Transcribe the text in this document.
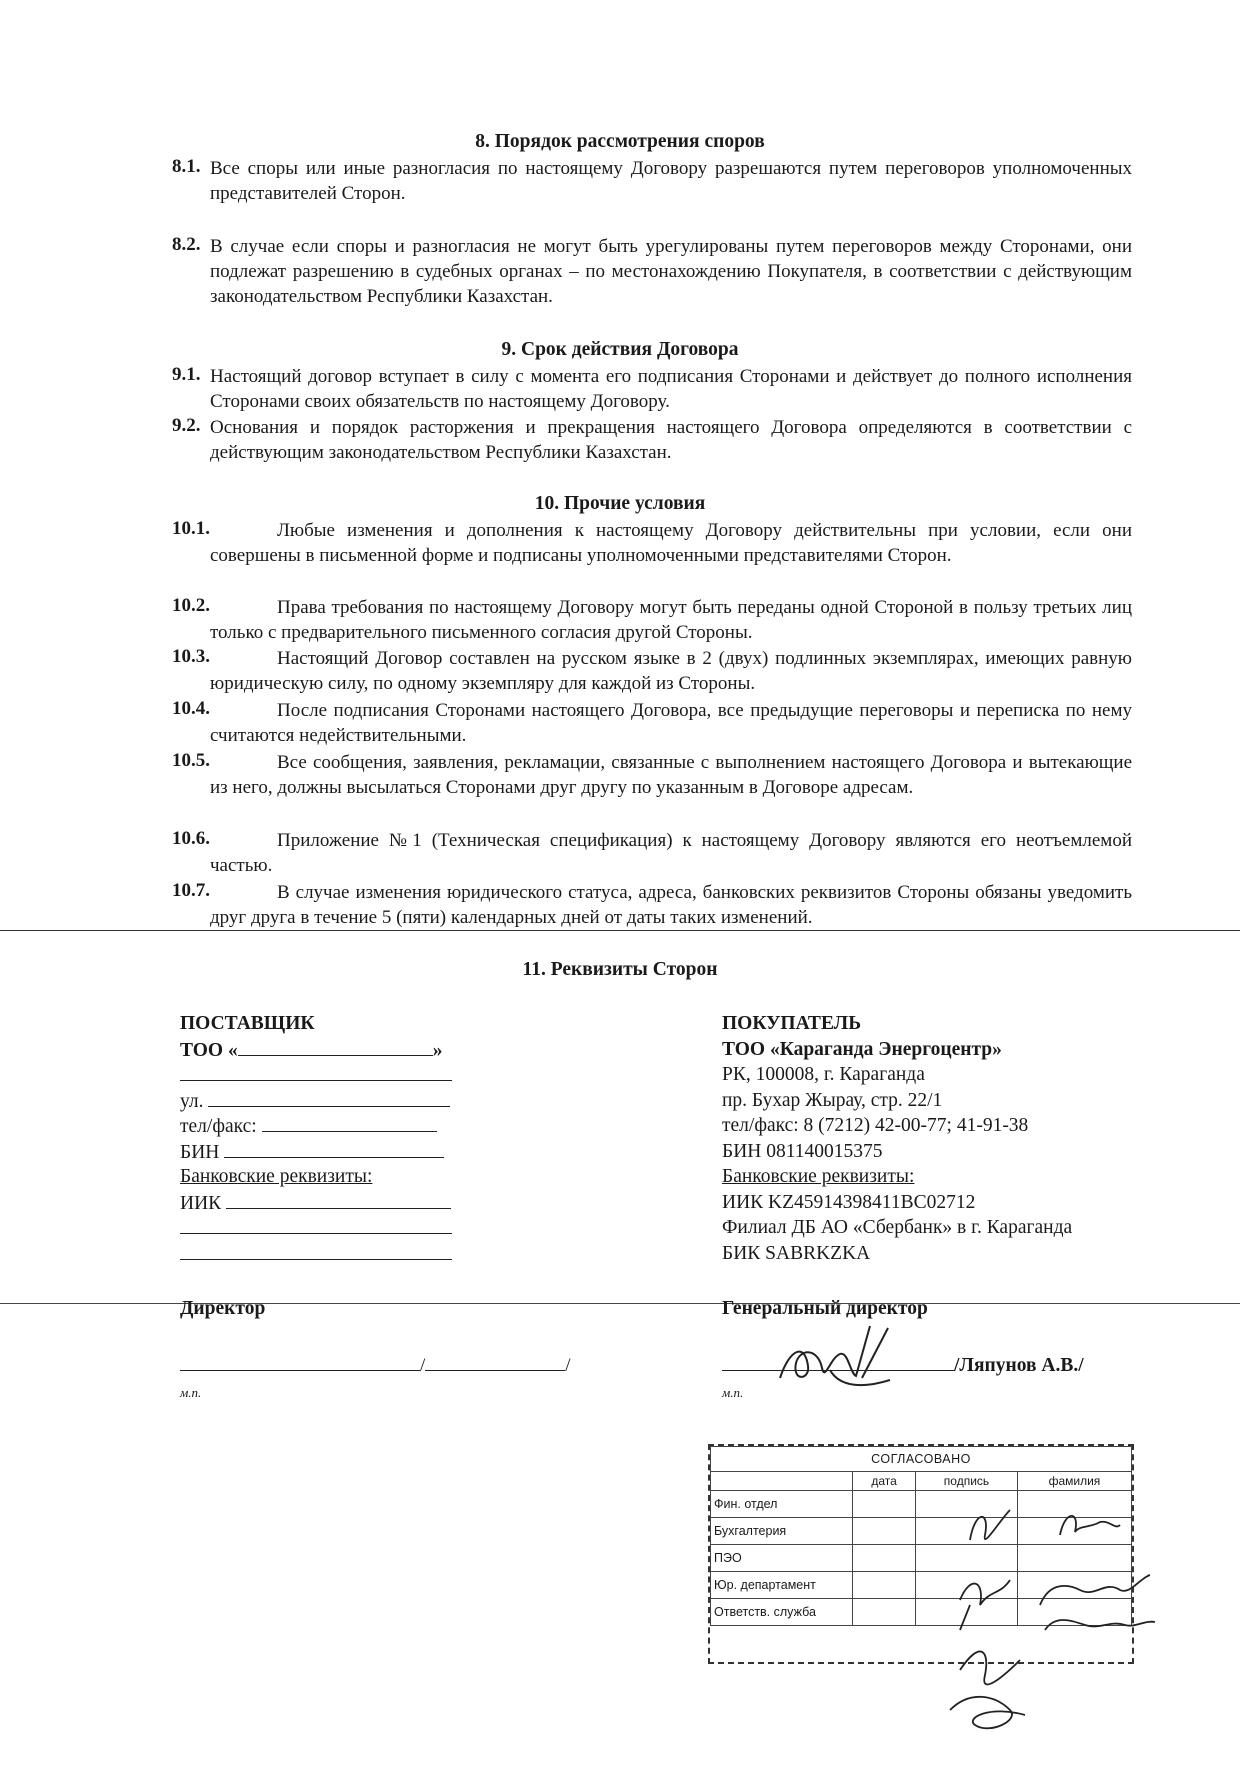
8. Порядок рассмотрения споров
8.1. Все споры или иные разногласия по настоящему Договору разрешаются путем переговоров уполномоченных представителей Сторон.
8.2. В случае если споры и разногласия не могут быть урегулированы путем переговоров между Сторонами, они подлежат разрешению в судебных органах – по местонахождению Покупателя, в соответствии с действующим законодательством Республики Казахстан.
9. Срок действия Договора
9.1. Настоящий договор вступает в силу с момента его подписания Сторонами и действует до полного исполнения Сторонами своих обязательств по настоящему Договору.
9.2. Основания и порядок расторжения и прекращения настоящего Договора определяются в соответствии с действующим законодательством Республики Казахстан.
10. Прочие условия
10.1.	Любые изменения и дополнения к настоящему Договору действительны при условии, если они совершены в письменной форме и подписаны уполномоченными представителями Сторон.
10.2.	Права требования по настоящему Договору могут быть переданы одной Стороной в пользу третьих лиц только с предварительного письменного согласия другой Стороны.
10.3.	Настоящий Договор составлен на русском языке в 2 (двух) подлинных экземплярах, имеющих равную юридическую силу, по одному экземпляру для каждой из Стороны.
10.4.	После подписания Сторонами настоящего Договора, все предыдущие переговоры и переписка по нему считаются недействительными.
10.5.	Все сообщения, заявления, рекламации, связанные с выполнением настоящего Договора и вытекающие из него, должны высылаться Сторонами друг другу по указанным в Договоре адресам.
10.6.	Приложение №1 (Техническая спецификация) к настоящему Договору являются его неотъемлемой частью.
10.7.	В случае изменения юридического статуса, адреса, банковских реквизитов Стороны обязаны уведомить друг друга в течение 5 (пяти) календарных дней от даты таких изменений.
11. Реквизиты Сторон
ПОСТАВЩИК
ТОО «	»
ул.
тел/факс:
БИН
Банковские реквизиты:
ИИК
ПОКУПАТЕЛЬ
ТОО «Караганда Энергоцентр»
РК, 100008, г. Караганда
пр. Бухар Жырау, стр. 22/1
тел/факс: 8 (7212) 42-00-77; 41-91-38
БИН 081140015375
Банковские реквизиты:
ИИК KZ45914398411BC02712
Филиал ДБ АО «Сбербанк» в г. Караганда
БИК SABRKZKA
Директор
/	/
м.п.
Генеральный директор
/Ляпунов А.В./
м.п.
СОГЛАСОВАНО			
	дата	подпись	фамилия
Фин. отдел			
Бухгалтерия			
ПЭО			
Юр. департамент			
Ответств. служба			
